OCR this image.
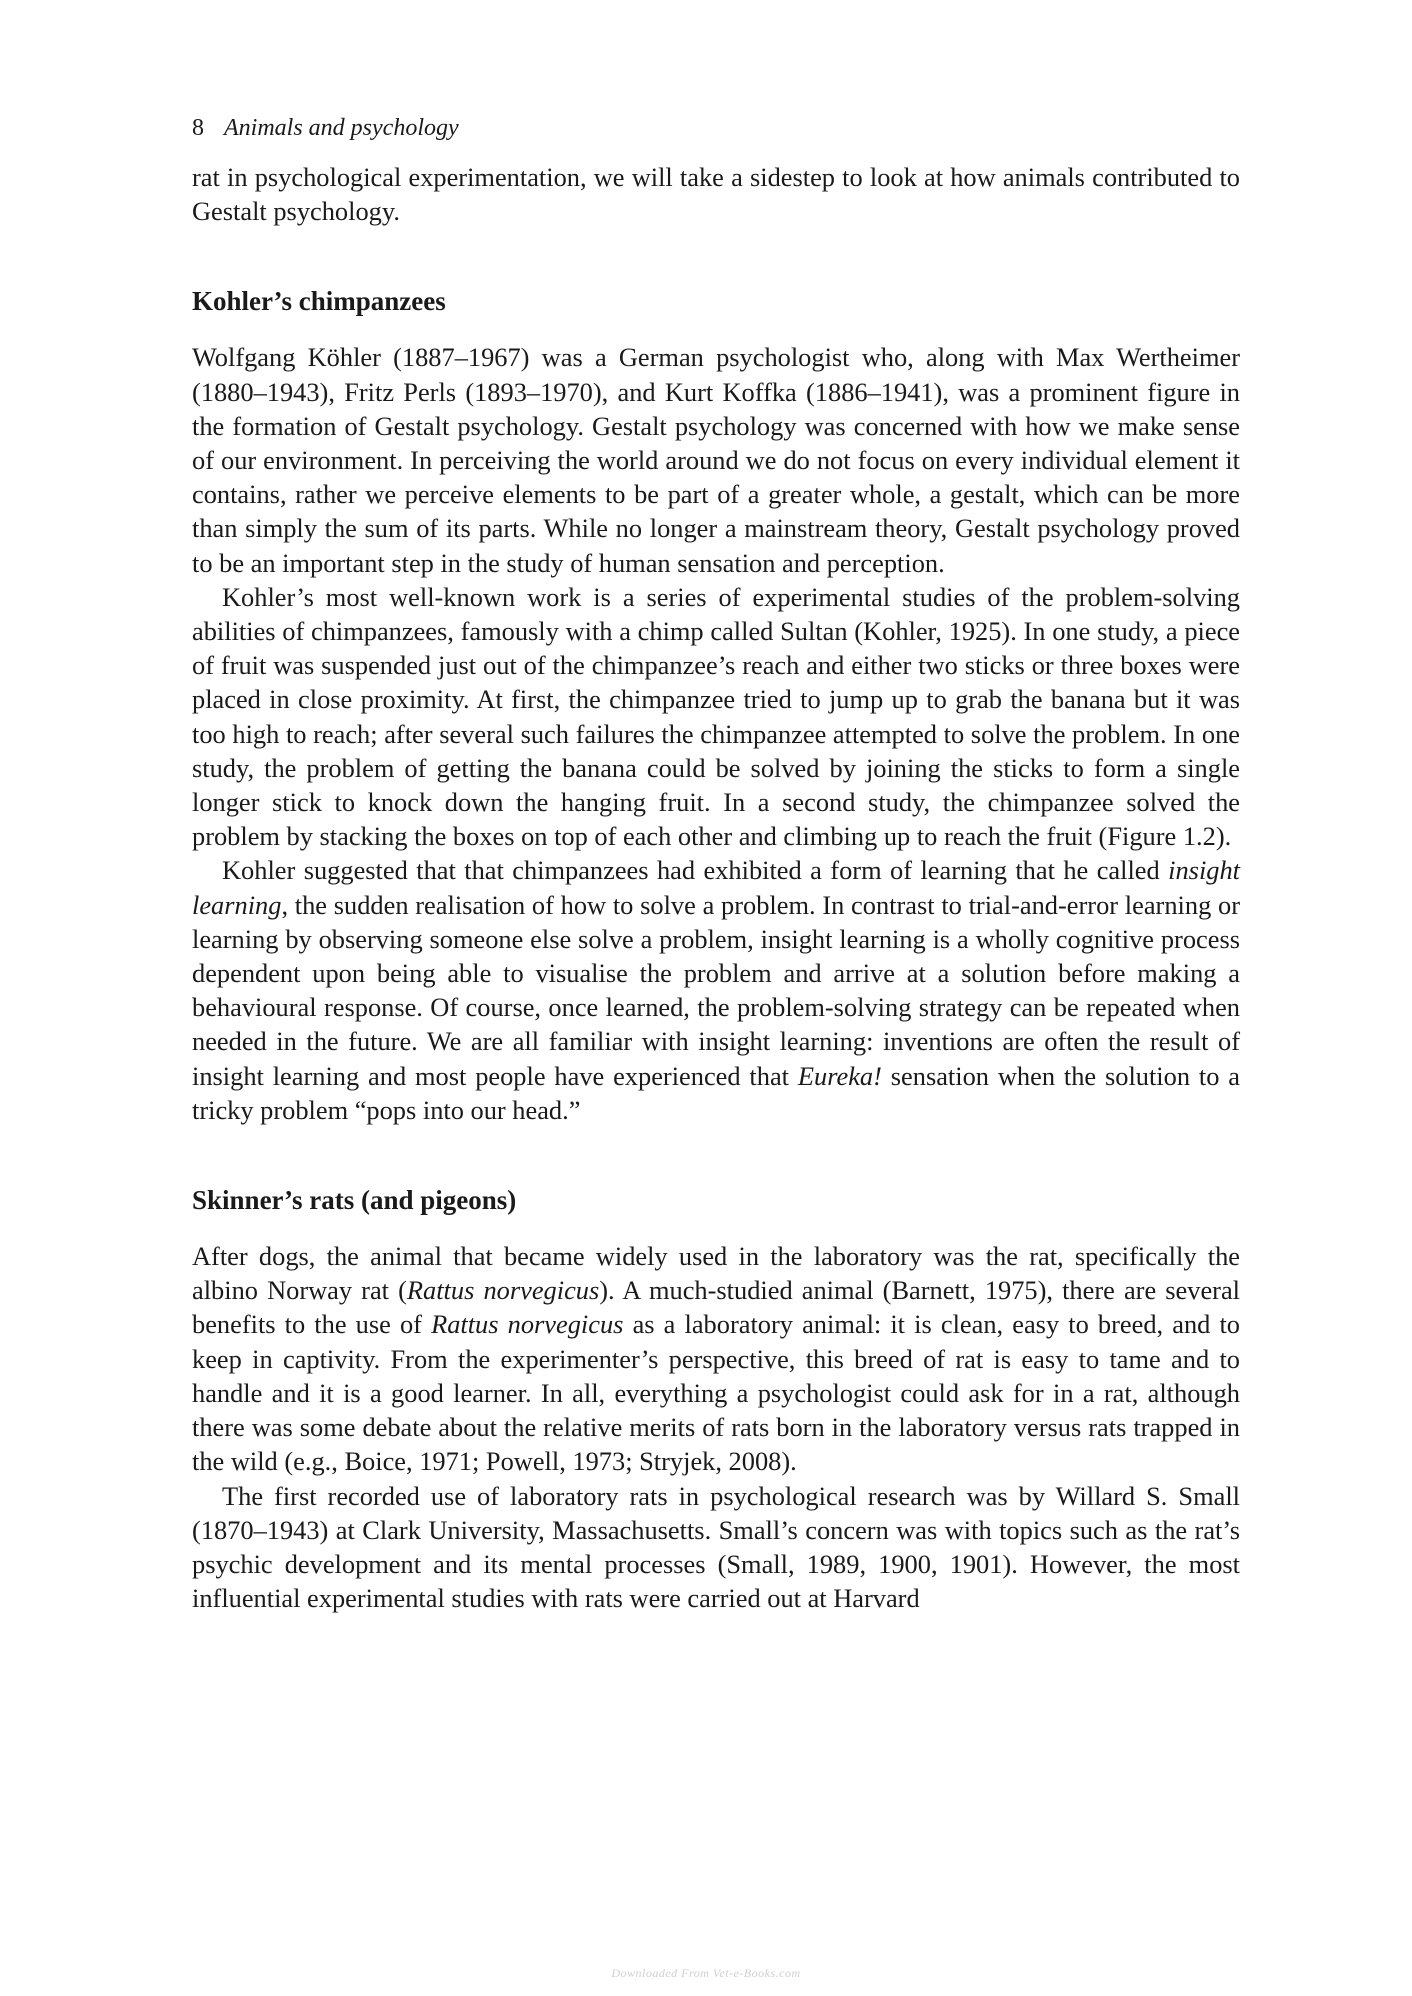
8 Animals and psychology

rat in psychological experimentation, we will take a sidestep to look at how animals contributed to Gestalt psychology.

Kohler’s chimpanzees

Wolfgang Köhler (1887–1967) was a German psychologist who, along with Max Wertheimer (1880–1943), Fritz Perls (1893–1970), and Kurt Koffka (1886–1941), was a prominent figure in the formation of Gestalt psychology. Gestalt psychology was concerned with how we make sense of our environment. In perceiving the world around we do not focus on every individual element it contains, rather we perceive elements to be part of a greater whole, a gestalt, which can be more than simply the sum of its parts. While no longer a mainstream theory, Gestalt psychology proved to be an important step in the study of human sensation and perception.

Kohler’s most well-known work is a series of experimental studies of the problem-solving abilities of chimpanzees, famously with a chimp called Sultan (Kohler, 1925). In one study, a piece of fruit was suspended just out of the chimpanzee’s reach and either two sticks or three boxes were placed in close proximity. At first, the chimpanzee tried to jump up to grab the banana but it was too high to reach; after several such failures the chimpanzee attempted to solve the problem. In one study, the problem of getting the banana could be solved by joining the sticks to form a single longer stick to knock down the hanging fruit. In a second study, the chimpanzee solved the problem by stacking the boxes on top of each other and climbing up to reach the fruit (Figure 1.2).

Kohler suggested that that chimpanzees had exhibited a form of learning that he called insight learning, the sudden realisation of how to solve a problem. In contrast to trial-and-error learning or learning by observing someone else solve a problem, insight learning is a wholly cognitive process dependent upon being able to visualise the problem and arrive at a solution before making a behavioural response. Of course, once learned, the problem-solving strategy can be repeated when needed in the future. We are all familiar with insight learning: inventions are often the result of insight learning and most people have experienced that Eureka! sensation when the solution to a tricky problem “pops into our head.”

Skinner’s rats (and pigeons)

After dogs, the animal that became widely used in the laboratory was the rat, specifically the albino Norway rat (Rattus norvegicus). A much-studied animal (Barnett, 1975), there are several benefits to the use of Rattus norvegicus as a laboratory animal: it is clean, easy to breed, and to keep in captivity. From the experimenter’s perspective, this breed of rat is easy to tame and to handle and it is a good learner. In all, everything a psychologist could ask for in a rat, although there was some debate about the relative merits of rats born in the laboratory versus rats trapped in the wild (e.g., Boice, 1971; Powell, 1973; Stryjek, 2008).

The first recorded use of laboratory rats in psychological research was by Willard S. Small (1870–1943) at Clark University, Massachusetts. Small’s concern was with topics such as the rat’s psychic development and its mental processes (Small, 1989, 1900, 1901). However, the most influential experimental studies with rats were carried out at Harvard

Downloaded From Vet-e-Books.com
